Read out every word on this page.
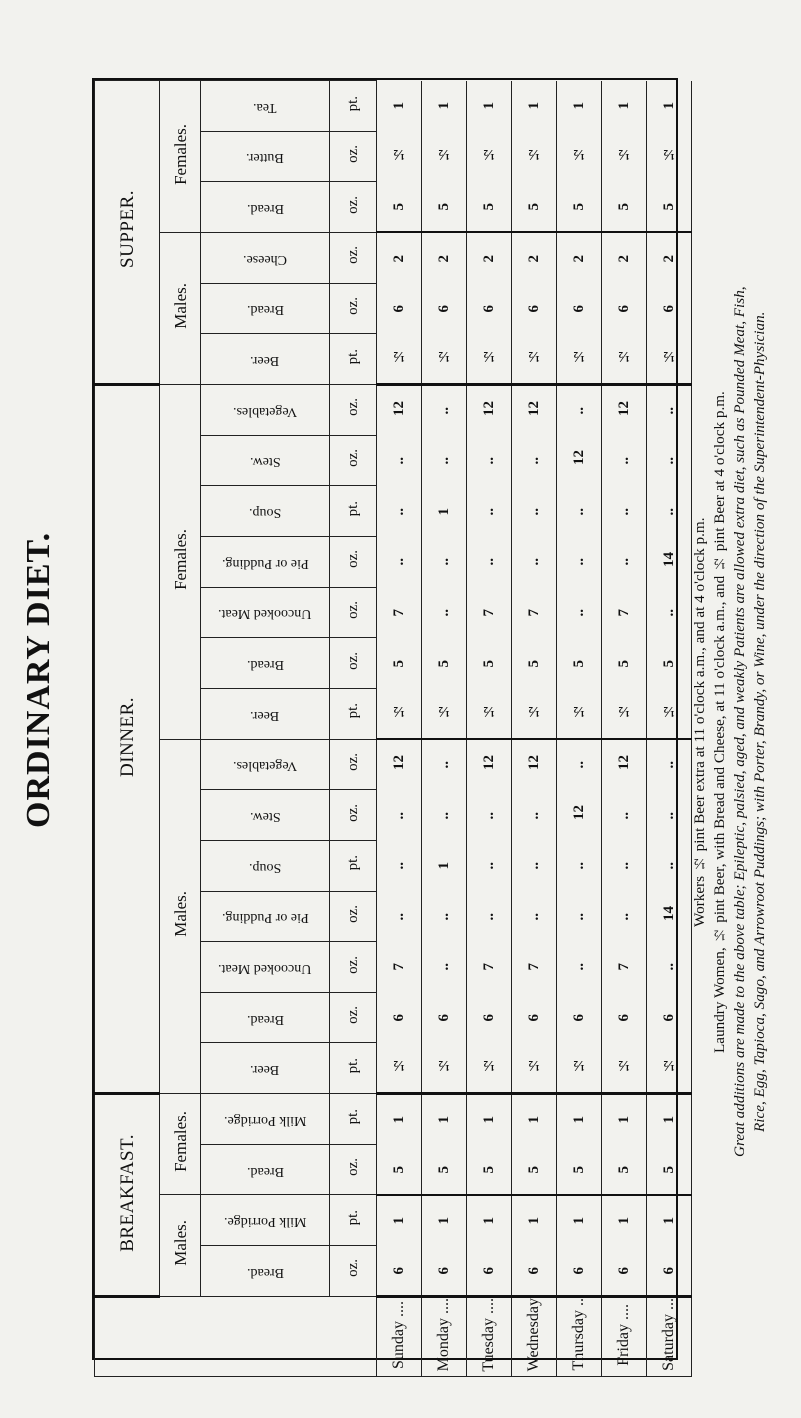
ORDINARY DIET.
SUPPER.	Females.	Tea.	pt.	1	1	1	1	1	1	1
		Butter.	oz.	½	½	½	½	½	½	½
		Bread.	oz.	5	5	5	5	5	5	5
	Males.	Cheese.	oz.	2	2	2	2	2	2	2
		Bread.	oz.	6	6	6	6	6	6	6
		Beer.	pt.	½	½	½	½	½	½	½
DINNER.	Females.	Vegetables.	oz.	12	..	12	12	..	12	..
		Stew.	oz.	..	..	..	..	12	..	..
		Soup.	pt.	..	1	..	..	..	..	..
		Pie or Pudding.	oz.	..	..	..	..	..	..	14
		Uncooked Meat.	oz.	7	..	7	7	..	7	..
		Bread.	oz.	5	5	5	5	5	5	5
		Beer.	pt.	½	½	½	½	½	½	½
	Males.	Vegetables.	oz.	12	..	12	12	..	12	..
		Stew.	oz.	..	..	..	..	12	..	..
		Soup.	pt.	..	1	..	..	..	..	..
		Pie or Pudding.	oz.	..	..	..	..	..	..	14
		Uncooked Meat.	oz.	7	..	7	7	..	7	..
		Bread.	oz.	6	6	6	6	6	6	6
		Beer.	pt.	½	½	½	½	½	½	½
BREAKFAST.	Females.	Milk Porridge.	pt.	1	1	1	1	1	1	1
		Bread.	oz.	5	5	5	5	5	5	5
	Males.	Milk Porridge.	pt.	1	1	1	1	1	1	1
		Bread.	oz.	6	6	6	6	6	6	6
				Sunday ....	Monday ....	Tuesday ....	Wednesday	Thursday ..	Friday ....	Saturday ...
Workers ½ pint Beer extra at 11 o'clock a.m., and at 4 o'clock p.m. Laundry Women, ½ pint Beer, with Bread and Cheese, at 11 o'clock a.m., and ½ pint Beer at 4 o'clock p.m. Great additions are made to the above table; Epileptic, palsied, aged, and weakly Patients are allowed extra diet, such as Pounded Meat, Fish, Rice, Egg, Tapioca, Sago, and Arrowroot Puddings; with Porter, Brandy, or Wine, under the direction of the Superintendent-Physician.
